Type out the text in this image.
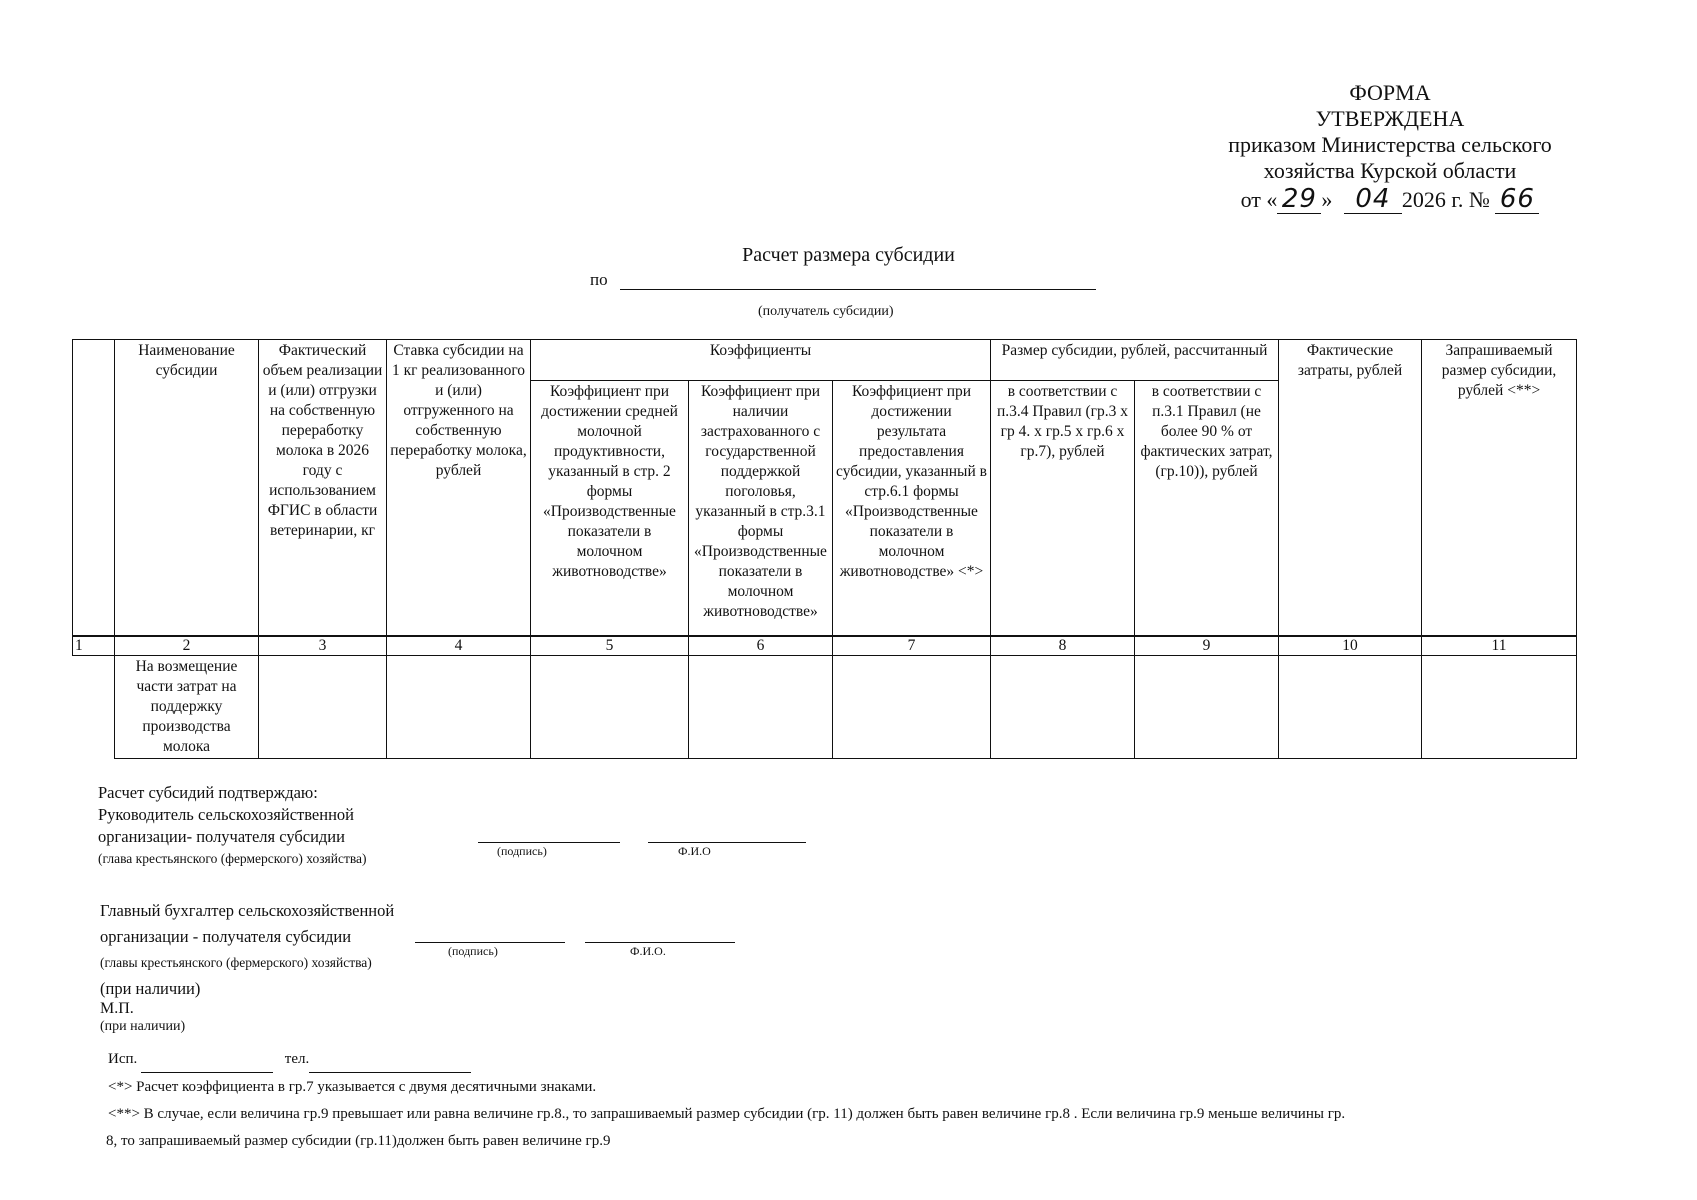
ФОРМА
УТВЕРЖДЕНА
приказом Министерства сельского
хозяйства Курской области
от « 29 » 04 2026 г. № 66
Расчет размера субсидии
по
(получатель субсидии)
	Наименование субсидии	Фактический объем реализации и (или) отгрузки на собственную переработку молока в 2026 году с использованием ФГИС в области ветеринарии, кг	Ставка субсидии на 1 кг реализованного и (или) отгруженного на собственную переработку молока, рублей	Коэффициенты			Размер субсидии, рублей, рассчитанный		Фактические затраты, рублей	Запрашиваемый размер субсидии, рублей <**>
				Коэффициент при достижении средней молочной продуктивности, указанный в стр. 2 формы «Производственные показатели в молочном животноводстве»	Коэффициент при наличии застрахованного с государственной поддержкой поголовья, указанный в стр.3.1 формы «Производственные показатели в молочном животноводстве»	Коэффициент при достижении результата предоставления субсидии, указанный в стр.6.1 формы «Производственные показатели в молочном животноводстве» <*>	в соответствии с п.3.4 Правил (гр.3 х гр 4. х гр.5 х гр.6 х гр.7), рублей	в соответствии с п.3.1 Правил (не более 90 % от фактических затрат, (гр.10)), рублей		
1	2	3	4	5	6	7	8	9	10	11
	На возмещение части затрат на поддержку производства молока									
Расчет субсидий подтверждаю:
Руководитель сельскохозяйственной
организации- получателя субсидии
(глава крестьянского (фермерского) хозяйства)	(подпись)	Ф.И.О
Главный бухгалтер сельскохозяйственной
организации - получателя субсидии
(главы крестьянского (фермерского) хозяйства)
(при наличии)
(подпись)	Ф.И.О.
М.П.
(при наличии)
Исп.	тел.
<*> Расчет коэффициента в гр.7 указывается с двумя десятичными знаками.
<**> В случае, если величина гр.9 превышает или равна величине гр.8., то запрашиваемый размер субсидии (гр. 11) должен быть равен величине гр.8 . Если величина гр.9 меньше величины гр.
8, то запрашиваемый размер субсидии (гр.11)должен быть равен величине гр.9
